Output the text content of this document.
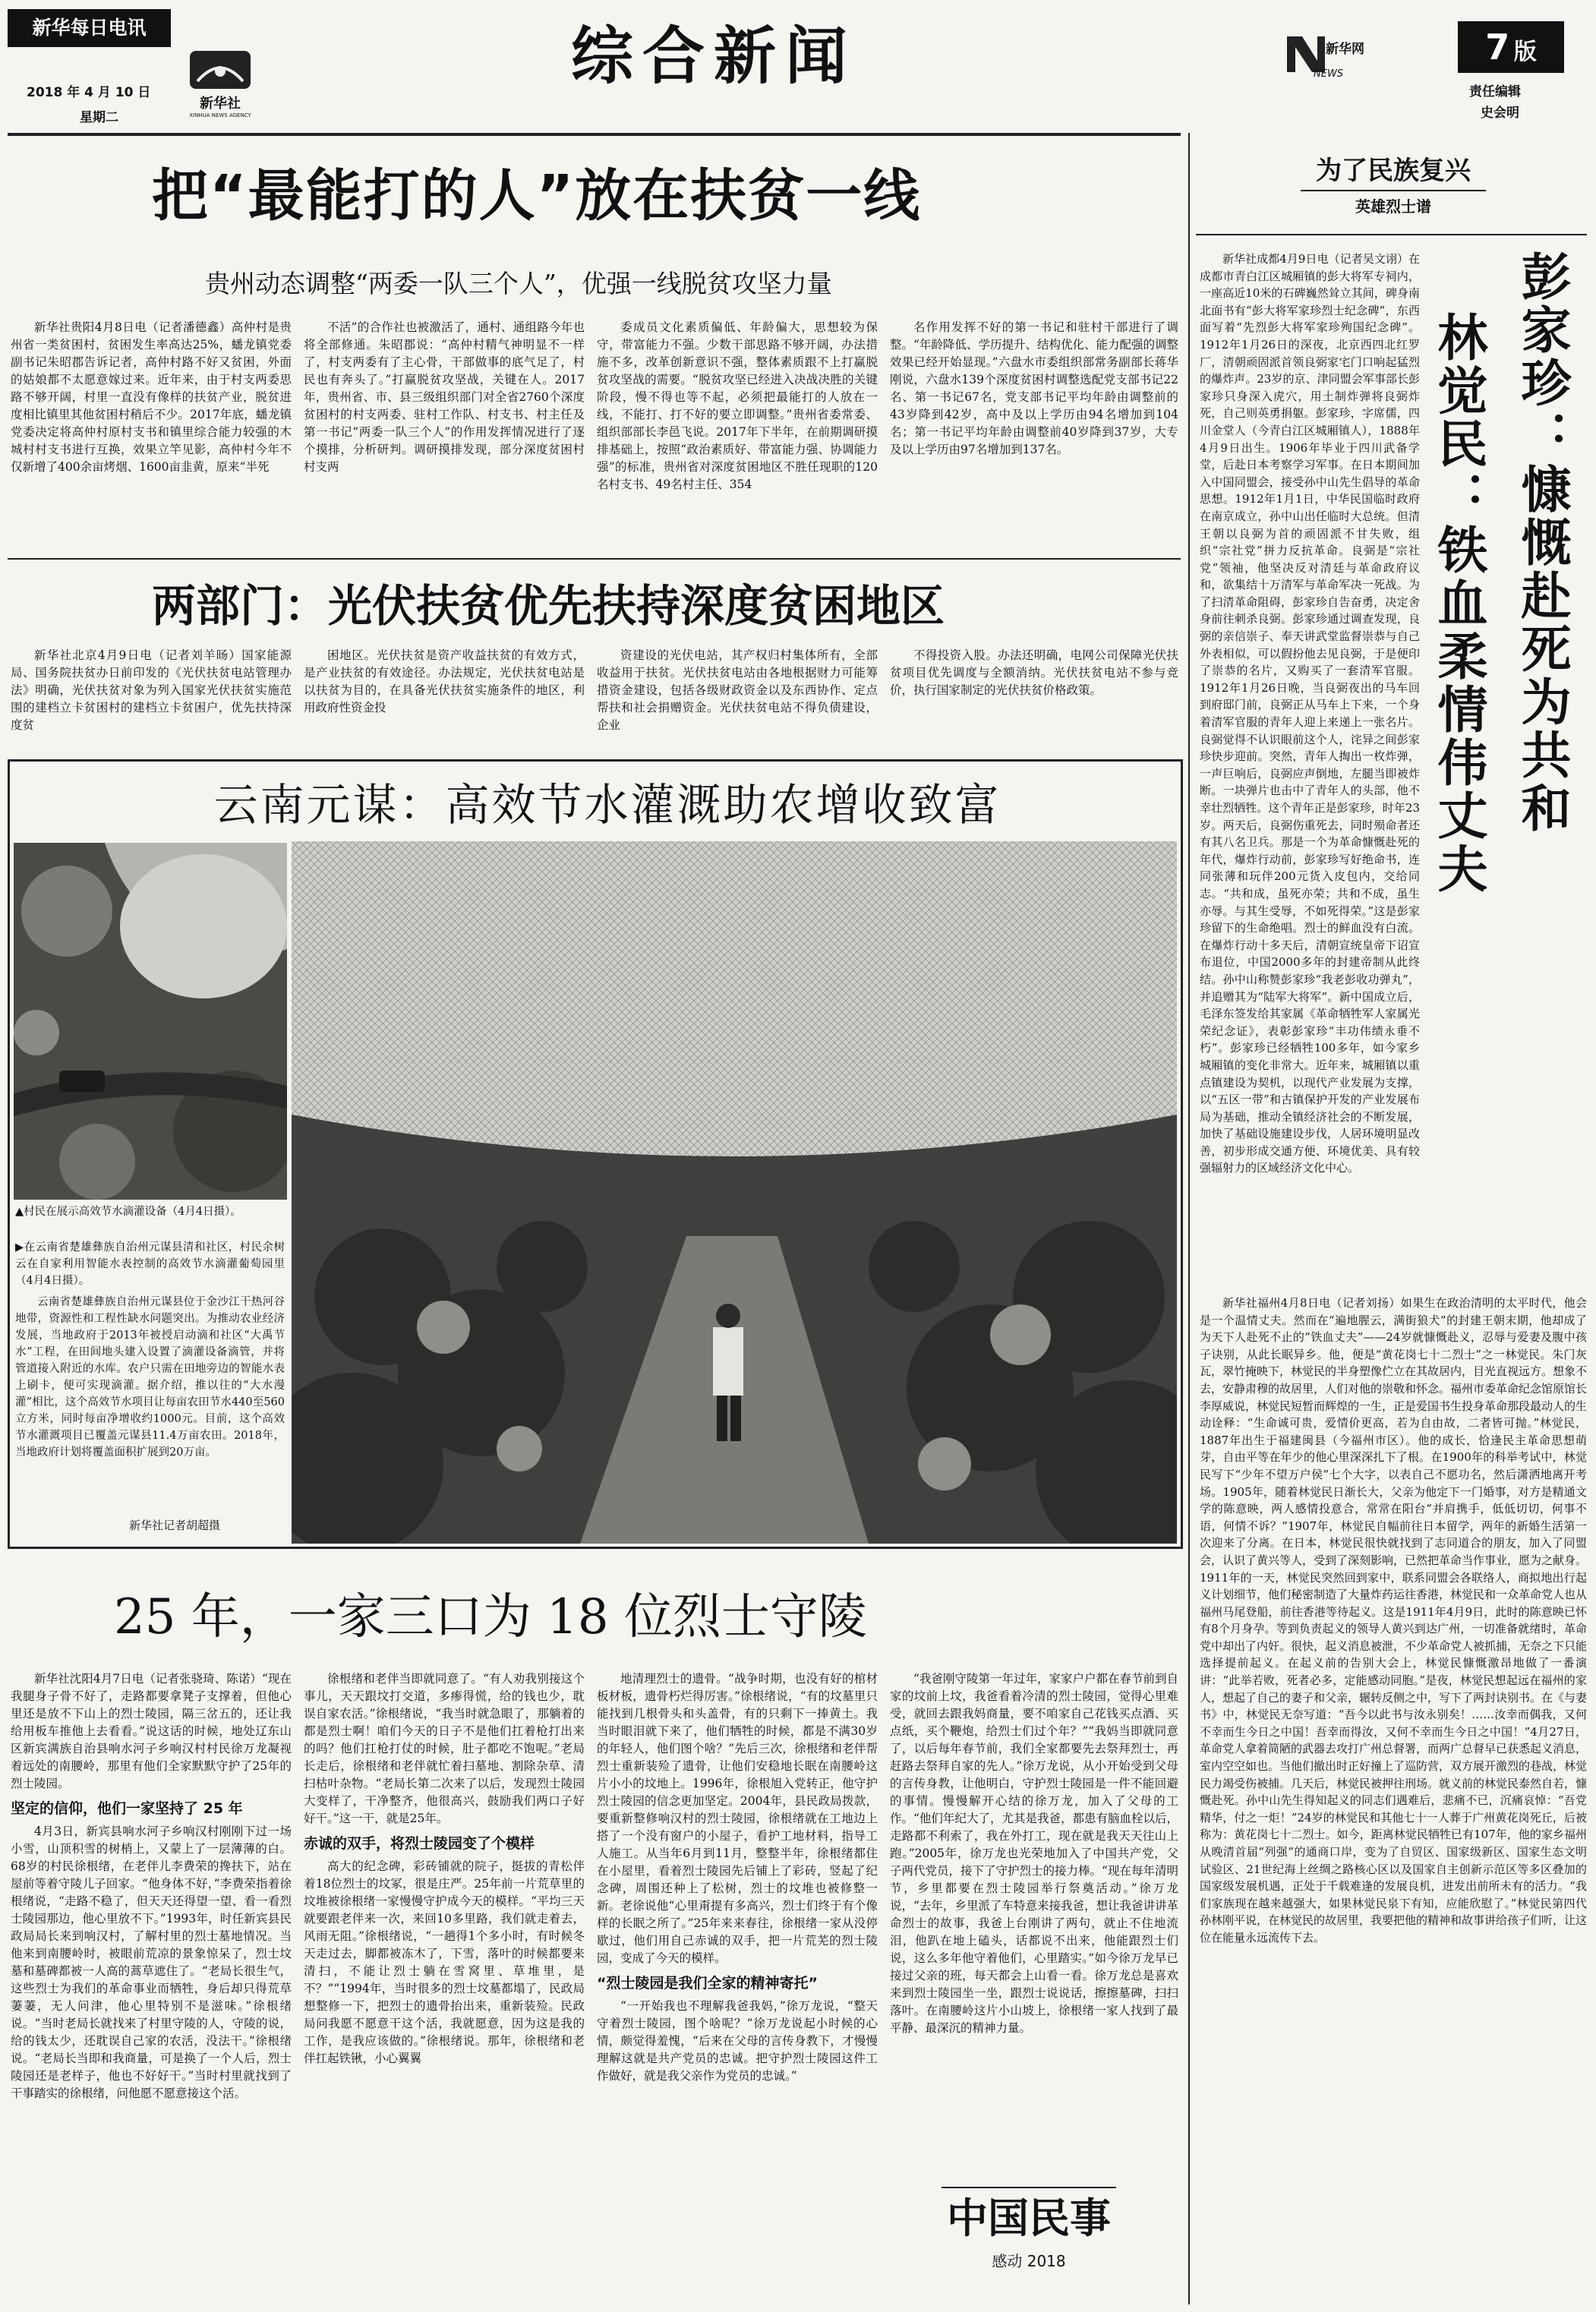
新华每日电讯
2018 年 4 月 10 日
星期二
新华社
XINHUA NEWS AGENCY
综合新闻	新华网
NEWS
7 版
责任编辑
史会明
把“最能打的人”放在扶贫一线
贵州动态调整“两委一队三个人”，优强一线脱贫攻坚力量
新华社贵阳4月8日电（记者潘德鑫）高仲村是贵州省一类贫困村，贫困发生率高达25%，蟠龙镇党委副书记朱昭郡告诉记者，高仲村路不好又贫困，外面的姑娘都不太愿意嫁过来。近年来，由于村支两委思路不够开阔，村里一直没有像样的扶贫产业，脱贫进度相比镇里其他贫困村稍后不少。2017年底，蟠龙镇党委决定将高仲村原村支书和镇里综合能力较强的木城村村支书进行互换，效果立竿见影，高仲村今年不仅新增了400余亩烤烟、1600亩韭黄，原来“半死
不活”的合作社也被激活了，通村、通组路今年也将全部修通。朱昭郡说：“高仲村精气神明显不一样了，村支两委有了主心骨，干部做事的底气足了，村民也有奔头了。”打赢脱贫攻坚战，关键在人。2017年，贵州省、市、县三级组织部门对全省2760个深度贫困村的村支两委、驻村工作队、村支书、村主任及第一书记“两委一队三个人”的作用发挥情况进行了逐个摸排，分析研判。调研摸排发现，部分深度贫困村村支两
委成员文化素质偏低、年龄偏大，思想较为保守，带富能力不强。少数干部思路不够开阔，办法措施不多，改革创新意识不强，整体素质跟不上打赢脱贫攻坚战的需要。“脱贫攻坚已经进入决战决胜的关键阶段，慢不得也等不起，必须把最能打的人放在一线，不能打、打不好的要立即调整。”贵州省委常委、组织部部长李邑飞说。2017年下半年，在前期调研摸排基础上，按照“政治素质好、带富能力强、协调能力强”的标准，贵州省对深度贫困地区不胜任现职的120名村支书、49名村主任、354
名作用发挥不好的第一书记和驻村干部进行了调整。“年龄降低、学历提升、结构优化、能力配强的调整效果已经开始显现。”六盘水市委组织部常务副部长蒋华刚说，六盘水139个深度贫困村调整选配党支部书记22名、第一书记67名，党支部书记平均年龄由调整前的43岁降到42岁，高中及以上学历由94名增加到104名；第一书记平均年龄由调整前40岁降到37岁，大专及以上学历由97名增加到137名。
两部门：光伏扶贫优先扶持深度贫困地区
新华社北京4月9日电（记者刘羊旸）国家能源局、国务院扶贫办日前印发的《光伏扶贫电站管理办法》明确，光伏扶贫对象为列入国家光伏扶贫实施范围的建档立卡贫困村的建档立卡贫困户，优先扶持深度贫
困地区。光伏扶贫是资产收益扶贫的有效方式，是产业扶贫的有效途径。办法规定，光伏扶贫电站是以扶贫为目的，在具备光伏扶贫实施条件的地区，利用政府性资金投
资建设的光伏电站，其产权归村集体所有，全部收益用于扶贫。光伏扶贫电站由各地根据财力可能筹措资金建设，包括各级财政资金以及东西协作、定点帮扶和社会捐赠资金。光伏扶贫电站不得负债建设，企业
不得投资入股。办法还明确，电网公司保障光伏扶贫项目优先调度与全额消纳。光伏扶贫电站不参与竞价，执行国家制定的光伏扶贫价格政策。
云南元谋：高效节水灌溉助农增收致富
▲村民在展示高效节水滴灌设备（4月4日摄）。
▶在云南省楚雄彝族自治州元谋县清和社区，村民余树云在自家利用智能水表控制的高效节水滴灌葡萄园里（4月4日摄）。
云南省楚雄彝族自治州元谋县位于金沙江干热河谷地带，资源性和工程性缺水问题突出。为推动农业经济发展，当地政府于2013年被授启动滴和社区“大禹节水”工程，在田间地头建入设置了滴灌设备滴管，并将管道接入附近的水库。农户只需在田地旁边的智能水表上刷卡，便可实现滴灌。据介绍，推以往的“大水漫灌”相比，这个高效节水项目让每亩农田节水440至560立方米，同时每亩净增收约1000元。目前，这个高效节水灌溉项目已覆盖元谋县11.4万亩农田。2018年，当地政府计划将覆盖面积扩展到20万亩。
新华社记者胡超摄
25 年，一家三口为 18 位烈士守陵

新华社沈阳4月7日电（记者张骁琦、陈诺）“现在我腿身子骨不好了，走路都要拿凳子支撑着，但他心里还是放不下山上的烈士陵园，隔三岔五的，还让我给用板车推他上去看看。”说这话的时候，地处辽东山区新宾满族自治县响水河子乡响汉村村民徐万龙凝视着远处的南腰岭，那里有他们全家默默守护了25年的烈士陵园。

坚定的信仰，他们一家坚持了 25 年

4月3日，新宾县响水河子乡响汉村刚刚下过一场小雪，山顶积雪的树梢上，又蒙上了一层薄薄的白。68岁的村民徐根绪，在老伴儿李费荣的搀扶下，站在屋前等着守陵儿子回家。“他身体不好，”李费荣指着徐根绪说，“走路不稳了，但天天还得望一望、看一看烈士陵园那边，他心里放不下。”1993年，时任新宾县民政局局长来到响汉村，了解村里的烈士墓地情况。当他来到南腰岭时，被眼前荒凉的景象惊呆了，烈士坟墓和墓碑都被一人高的蒿草遮住了。“老局长很生气，这些烈士为我们的革命事业而牺牲，身后却只得荒草萋萋，无人问津，他心里特别不是滋味。”徐根绪说。“当时老局长就找来了村里守陵的人，守陵的说，给的钱太少，还耽误自己家的农活，没法干。”徐根绪说。“老局长当即和我商量，可是换了一个人后，烈士陵园还是老样子，他也不好好干。”当时村里就找到了干事踏实的徐根绪，问他愿不愿意接这个活。

徐根绪和老伴当即就同意了。“有人劝我别接这个事儿，天天跟坟打交道，多瘆得慌，给的钱也少，耽误自家农活。”徐根绪说，“我当时就急眼了，那躺着的都是烈士啊！咱们今天的日子不是他们扛着枪打出来的吗？他们扛枪打仗的时候，肚子都吃不饱呢。”老局长走后，徐根绪和老伴就忙着扫墓地、割除杂草、清扫枯叶杂物。“老局长第二次来了以后，发现烈士陵园大变样了，干净整齐，他很高兴，鼓励我们两口子好好干。”这一干，就是25年。

赤诚的双手，将烈士陵园变了个模样

高大的纪念碑，彩砖铺就的院子，挺拔的青松伴着18位烈士的坟冢，很是庄严。25年前一片荒草里的坟堆被徐根绪一家慢慢守护成今天的模样。“平均三天就要跟老伴来一次，来回10多里路，我们就走着去，风雨无阻。”徐根绪说，“一趟得1个多小时，有时候冬天走过去，脚都被冻木了，下雪，落叶的时候都要来清扫，不能让烈士躺在雪窝里、草堆里，是不？”“1994年，当时很多的烈士坟墓都塌了，民政局想整修一下，把烈士的遗骨抬出来，重新装殓。民政局问我愿不愿意干这个活，我就愿意，因为这是我的工作，是我应该做的。”徐根绪说。那年，徐根绪和老伴扛起铁锹，小心翼翼

地清理烈士的遗骨。“战争时期，也没有好的棺材板材板，遗骨朽烂得厉害。”徐根绪说，“有的坟墓里只能找到几根骨头和头盖骨，有的只剩下一捧黄土。我当时眼泪就下来了，他们牺牲的时候，都是不满30岁的年轻人，他们图个啥？”先后三次，徐根绪和老伴帮烈士重新装殓了遗骨，让他们安稳地长眠在南腰岭这片小小的坟地上。1996年，徐根旭入党转正，他守护烈士陵园的信念更加坚定。2004年，县民政局拨款，要重新整修响汉村的烈士陵园，徐根绪就在工地边上搭了一个没有窗户的小屋子，看护工地材料，指导工人施工。从当年6月到11月，整整半年，徐根绪都住在小屋里，看着烈士陵园先后铺上了彩砖，竖起了纪念碑，周围还种上了松树，烈士的坟堆也被修整一新。老徐说他“心里甭提有多高兴，烈士们终于有个像样的长眠之所了。”25年来来春往，徐根绪一家从没停歇过，他们用自己赤诚的双手，把一片荒芜的烈士陵园，变成了今天的模样。

“烈士陵园是我们全家的精神寄托”

“一开始我也不理解我爸我妈，”徐万龙说，“整天守着烈士陵园，图个啥呢？”徐万龙说起小时候的心情，颇觉得羞愧，“后来在父母的言传身教下，才慢慢理解这就是共产党员的忠诚。把守护烈士陵园这件工作做好，就是我父亲作为党员的忠诚。”

“我爸刚守陵第一年过年，家家户户都在春节前到自家的坟前上坟，我爸看着冷清的烈士陵园，觉得心里难受，就回去跟我妈商量，要不咱家自己花钱买点酒、买点纸，买个鞭炮，给烈士们过个年？”“我妈当即就同意了，以后每年春节前，我们全家都要先去祭拜烈士，再赶路去祭拜自家的先人。”徐万龙说，从小开始受到父母的言传身教，让他明白，守护烈士陵园是一件不能回避的事情。慢慢解开心结的徐万龙，加入了父母的工作。“他们年纪大了，尤其是我爸，都患有脑血栓以后，走路都不利索了，我在外打工，现在就是我天天往山上跑。”2005年，徐万龙也光荣地加入了中国共产党，父子两代党员，接下了守护烈士的接力棒。“现在每年清明节，乡里都要在烈士陵园举行祭奠活动。”徐万龙说，“去年，乡里派了车特意来接我爸，想让我爸讲讲革命烈士的故事，我爸上台刚讲了两句，就止不住地流泪，他趴在地上磕头，话都说不出来，他能跟烈士们说，这么多年他守着他们，心里踏实。”如今徐万龙早已接过父亲的班，每天都会上山看一看。徐万龙总是喜欢来到烈士陵园坐一坐，跟烈士说说话，擦擦墓碑，扫扫落叶。在南腰岭这片小山坡上，徐根绪一家人找到了最平静、最深沉的精神力量。

中国民事
感动 2018
为了民族复兴
英雄烈士谱
彭家珍：慷慨赴死为共和
林觉民：铁血柔情伟丈夫
新华社成都4月9日电（记者吴文诩）在成都市青白江区城厢镇的彭大将军专祠内，一座高近10米的石碑巍然耸立其间，碑身南北面书有“彭大将军家珍烈士纪念碑”，东西面写着“先烈彭大将军家珍殉国纪念碑”。1912年1月26日的深夜，北京西四北红罗厂，清朝顽固派首领良弼家宅门口响起猛烈的爆炸声。23岁的京、津同盟会军事部长彭家珍只身深入虎穴，用土制炸弹将良弼炸死，自己则英勇捐躯。彭家珍，字席儒，四川金堂人（今青白江区城厢镇人），1888年4月9日出生。1906年毕业于四川武备学堂，后赴日本考察学习军事。在日本期间加入中国同盟会，接受孙中山先生倡导的革命思想。1912年1月1日，中华民国临时政府在南京成立，孙中山出任临时大总统。但清王朝以良弼为首的顽固派不甘失败，组织“宗社党”拼力反抗革命。良弼是“宗社党”领袖，他坚决反对清廷与革命政府议和，欲集结十万清军与革命军决一死战。为了扫清革命阻碍，彭家珍自告奋勇，决定舍身前往刺杀良弼。彭家珍通过调查发现，良弼的亲信崇子、奉天讲武堂监督崇恭与自己外表相似，可以假扮他去见良弼，于是便印了崇恭的名片，又购买了一套清军官服。1912年1月26日晚，当良弼夜出的马车回到府邸门前，良弼正从马车上下来，一个身着清军官服的青年人迎上来递上一张名片。良弼觉得不认识眼前这个人，诧异之间彭家珍快步迎前。突然，青年人掏出一枚炸弹，一声巨响后，良弼应声倒地，左腿当即被炸断。一块弹片也击中了青年人的头部，他不幸壮烈牺牲。这个青年正是彭家珍，时年23岁。两天后，良弼伤重死去，同时殒命者还有其八名卫兵。那是一个为革命慷慨赴死的年代，爆炸行动前，彭家珍写好绝命书，连同张薄和玩伴200元货入皮包内，交给同志。“共和成，虽死亦荣；共和不成，虽生亦辱。与其生受辱，不如死得荣。”这是彭家珍留下的生命绝唱。烈士的鲜血没有白流。在爆炸行动十多天后，清朝宣统皇帝下诏宣布退位，中国2000多年的封建帝制从此终结。孙中山称赞彭家珍“我老彭收功弹丸”，并追赠其为“陆军大将军”。新中国成立后，毛泽东签发给其家属《革命牺牲军人家属光荣纪念证》，表彰彭家珍“丰功伟绩永垂不朽”。彭家珍已经牺牲100多年，如今家乡城厢镇的变化非常大。近年来，城厢镇以重点镇建设为契机，以现代产业发展为支撑，以“五区一带”和古镇保护开发的产业发展布局为基础，推动全镇经济社会的不断发展，加快了基础设施建设步伐，人居环境明显改善，初步形成交通方便、环境优美、具有较强辐射力的区域经济文化中心。
新华社福州4月8日电（记者刘扬）如果生在政治清明的太平时代，他会是一个温情丈夫。然而在“遍地腥云，满街狼犬”的封建王朝末期，他却成了为天下人赴死不止的“铁血丈夫”——24岁就慷慨赴义，忍辱与爱妻及腹中孩子诀别，从此长眠异乡。他，便是“黄花岗七十二烈士”之一林觉民。朱门灰瓦，翠竹掩映下，林觉民的半身塑像伫立在其故居内，目光直视远方。想象不去，安静肃穆的故居里，人们对他的崇敬和怀念。福州市委革命纪念馆原馆长李厚威说，林觉民短暂而辉煌的一生，正是爱国书生投身革命那段最动人的生动诠释：“生命诚可贵，爱情价更高，若为自由故，二者皆可抛。”林觉民，1887年出生于福建闽县（今福州市区）。他的成长，恰逢民主革命思想萌芽，自由平等在年少的他心里深深扎下了根。在1900年的科举考试中，林觉民写下“少年不望万户侯”七个大字，以表自己不愿功名，然后潇洒地离开考场。1905年，随着林觉民日渐长大，父亲为他定下一门婚事，对方是精通文学的陈意映，两人感情投意合，常常在阳台“并肩携手，低低切切，何事不语，何情不诉？”1907年，林觉民自幅前往日本留学，两年的新婚生活第一次迎来了分离。在日本，林觉民很快就找到了志同道合的朋友，加入了同盟会，认识了黄兴等人，受到了深刻影响，已然把革命当作事业，愿为之献身。1911年的一天，林觉民突然回到家中，联系同盟会各联络人，商拟地出行起义计划细节，他们秘密制造了大量炸药运往香港，林觉民和一众革命党人也从福州马尾登船，前往香港等待起义。这是1911年4月9日，此时的陈意映已怀有8个月身孕。等到负责起义的领导人黄兴到达广州，一切准备就绪时，革命党中却出了内奸。很快，起义消息被泄，不少革命党人被抓捕，无奈之下只能选择提前起义。在起义前的告别大会上，林觉民慷慨激昂地做了一番演讲：“此举若败，死者必多，定能感动同胞。”是夜，林觉民想起远在福州的家人，想起了自己的妻子和父亲，辗转反侧之中，写下了两封诀别书。在《与妻书》中，林觉民无奈写道：“吾今以此书与汝永别矣！……汝幸而偶我，又何不幸而生今日之中国！吾幸而得汝，又何不幸而生今日之中国！”4月27日，革命党人拿着简陋的武器去攻打广州总督署，而两广总督早已获悉起义消息，室内空空如也。当他们撤出时正好撞上了巡防营，双方展开激烈的巷战，林觉民力竭受伤被捕。几天后，林觉民被押往刑场。就义前的林觉民泰然自若，慷慨赴死。孙中山先生得知起义的同志们遇难后，悲痛不已，沉痛哀悼：“吾党精华，付之一炬！”24岁的林觉民和其他七十一人葬于广州黄花岗死丘，后被称为：黄花岗七十二烈士。如今，距离林觉民牺牲已有107年，他的家乡福州从晚清首届“列强”的通商口岸，变为了自贸区、国家级新区、国家生态文明试验区、21世纪海上丝绸之路核心区以及国家自主创新示范区等多区叠加的国家级发展机遇，正处于千载难逢的发展良机，进发出前所未有的活力。“我们家族现在越来越强大，如果林觉民泉下有知，应能欣慰了。”林觉民第四代孙林刚平说，在林觉民的故居里，我要把他的精神和故事讲给孩子们听，让这位在能量永远流传下去。
